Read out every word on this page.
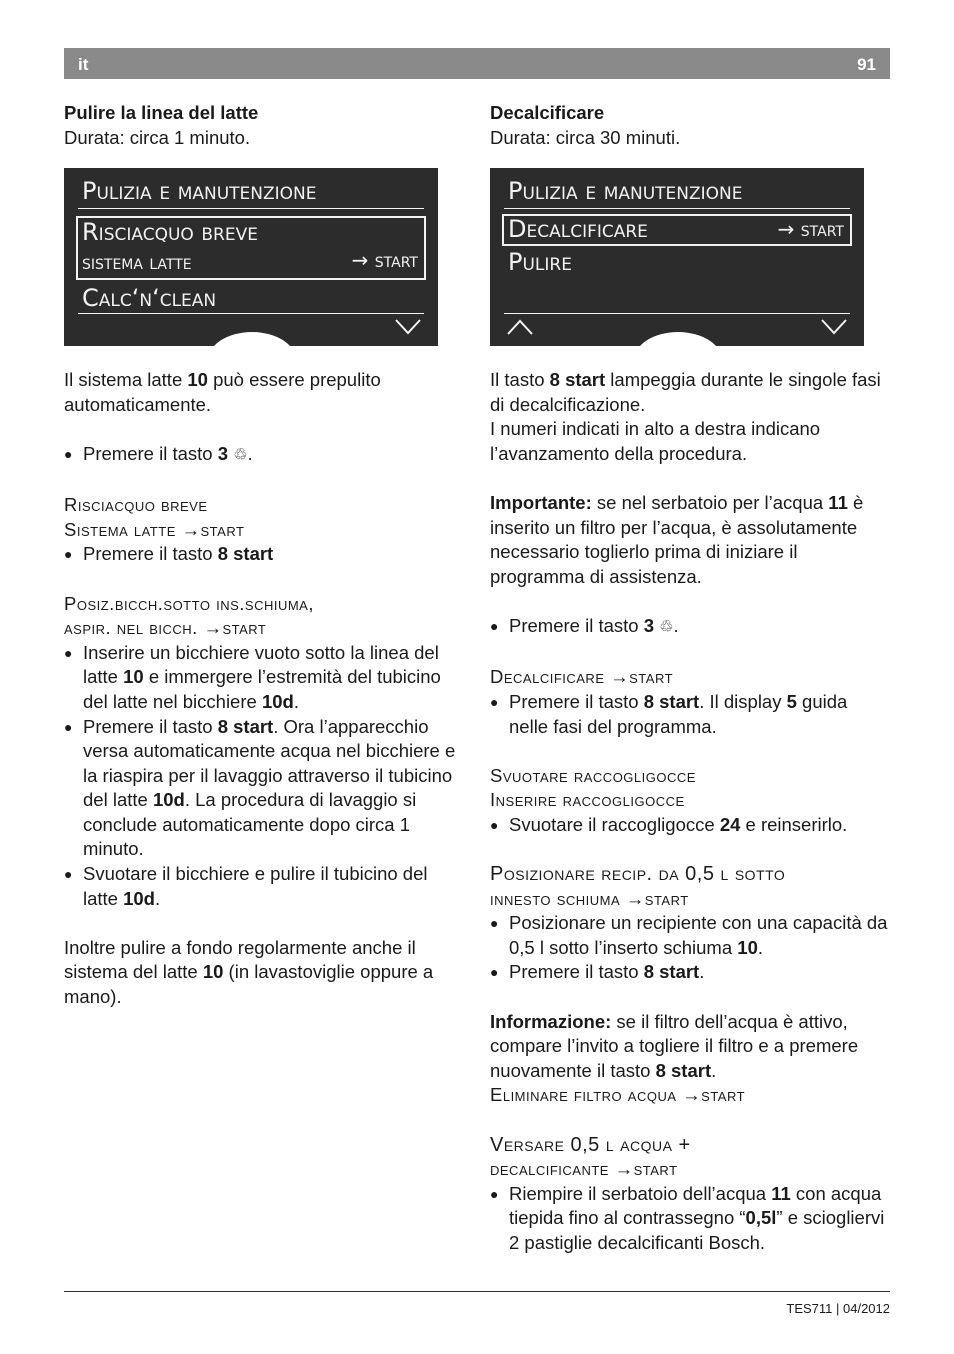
it	91

Pulire la linea del latte

Durata: circa 1 minuto.

Pulizia e manutenzione
Risciacquo breve
sistema latte	→ start
Calc‘n‘clean

Il sistema latte 10 può essere prepulito automaticamente.

● Premere il tasto 3 ♲.

Risciacquo breve

Sistema latte →start

● Premere il tasto 8 start

Posiz.bicch.sotto ins.schiuma,

aspir. nel bicch. →start

● Inserire un bicchiere vuoto sotto la linea del latte 10 e immergere l’estremità del tubicino del latte nel bicchiere 10d.
● Premere il tasto 8 start. Ora l’apparecchio versa automaticamente acqua nel bicchiere e la riaspira per il lavaggio attraverso il tubicino del latte 10d. La procedura di lavaggio si conclude automaticamente dopo circa 1 minuto.
● Svuotare il bicchiere e pulire il tubicino del latte 10d.

Inoltre pulire a fondo regolarmente anche il sistema del latte 10 (in lavastoviglie oppure a mano).

Decalcificare

Durata: circa 30 minuti.

Pulizia e manutenzione
Decalcificare	→ start
Pulire

Il tasto 8 start lampeggia durante le singole fasi di decalcificazione.

I numeri indicati in alto a destra indicano l’avanzamento della procedura.

Importante: se nel serbatoio per l’acqua 11 è inserito un filtro per l’acqua, è assolutamente necessario toglierlo prima di iniziare il programma di assistenza.

● Premere il tasto 3 ♲.

Decalcificare →start

● Premere il tasto 8 start. Il display 5 guida nelle fasi del programma.

Svuotare raccogligocce

Inserire raccogligocce

● Svuotare il raccogligocce 24 e reinserirlo.

Posizionare recip. da 0,5 l sotto

innesto schiuma →start

● Posizionare un recipiente con una capacità da 0,5 l sotto l’inserto schiuma 10.
● Premere il tasto 8 start.

Informazione: se il filtro dell’acqua è attivo, compare l’invito a togliere il filtro e a premere nuovamente il tasto 8 start.

Eliminare filtro acqua →start

Versare 0,5 l acqua +

decalcificante →start

● Riempire il serbatoio dell’acqua 11 con acqua tiepida fino al contrassegno “0,5l” e sciogliervi 2 pastiglie decalcificanti Bosch.
TES711 | 04/2012
